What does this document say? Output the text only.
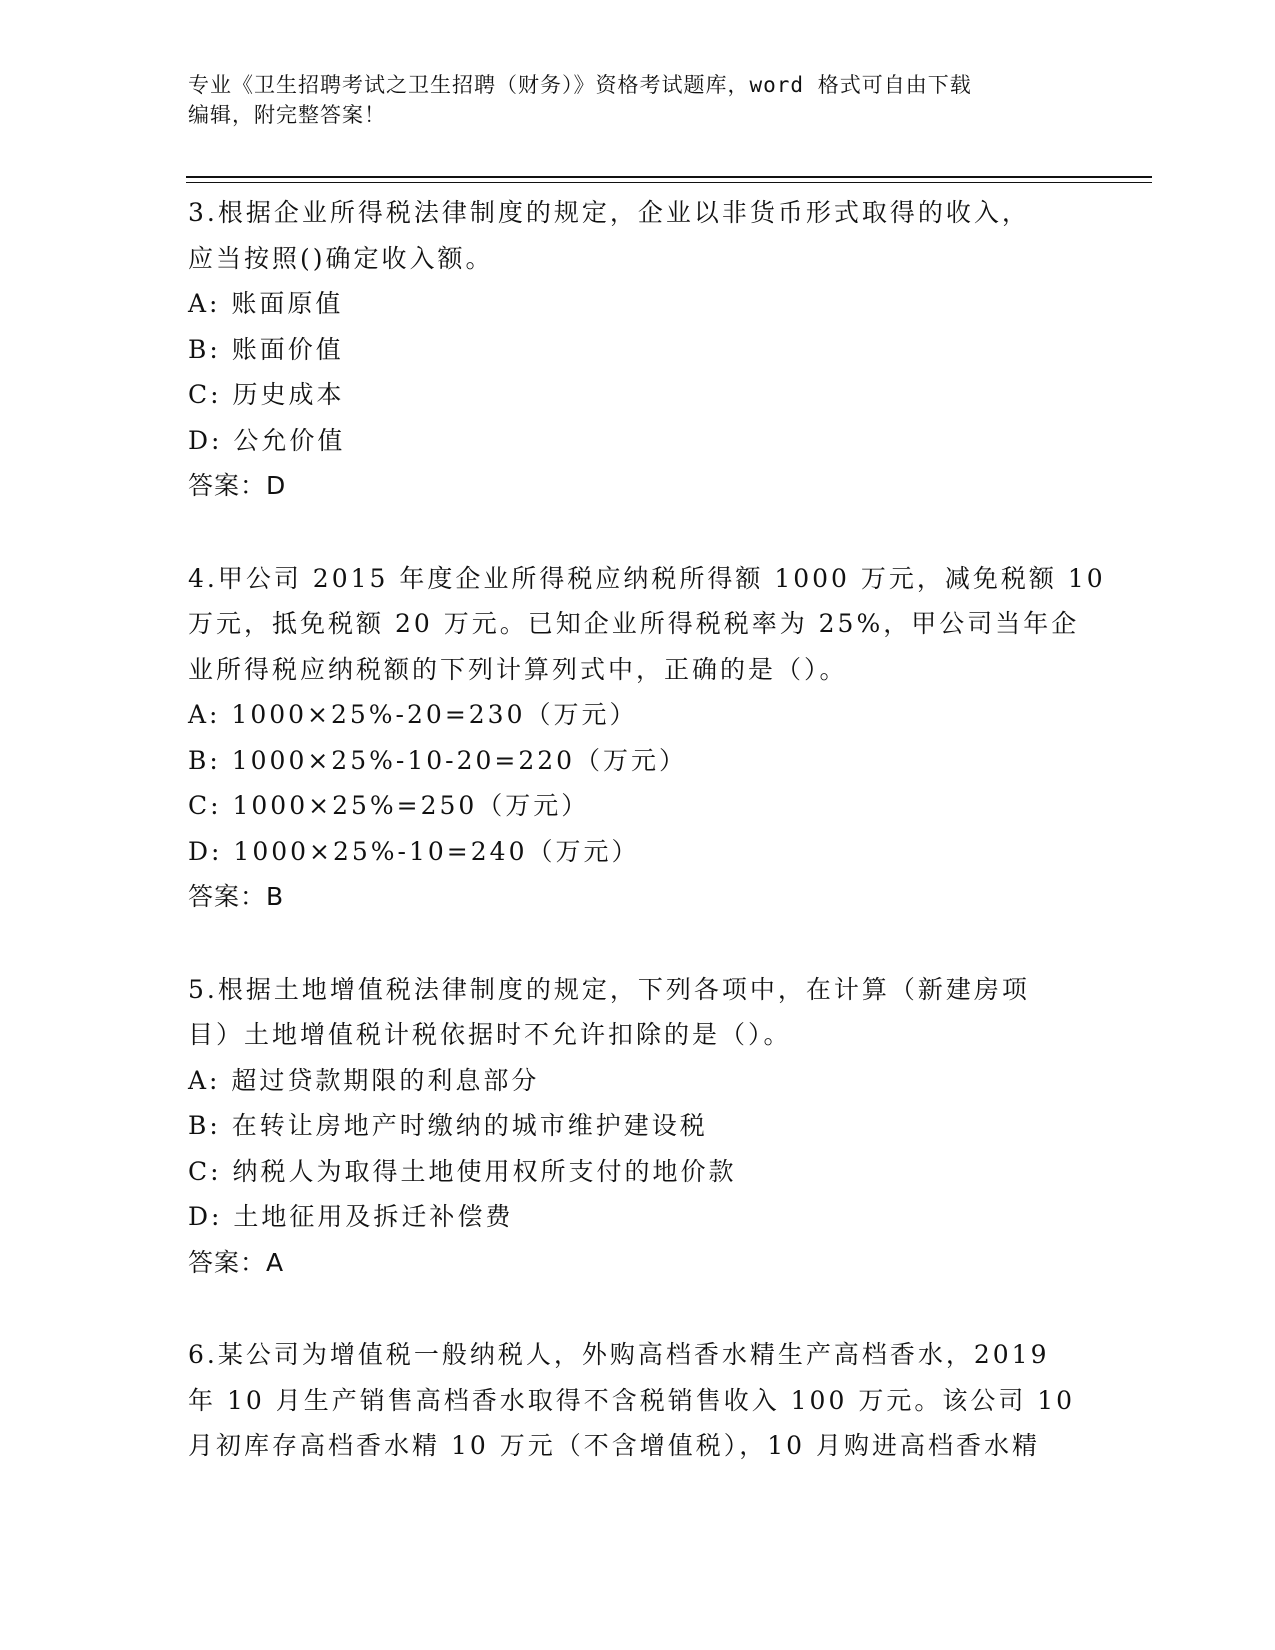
专业《卫生招聘考试之卫生招聘（财务）》资格考试题库，word 格式可自由下载
编辑，附完整答案！
3.根据企业所得税法律制度的规定，企业以非货币形式取得的收入，
应当按照()确定收入额。
A: 账面原值
B: 账面价值
C: 历史成本
D: 公允价值
答案：D
4.甲公司 2015 年度企业所得税应纳税所得额 1000 万元，减免税额 10
万元，抵免税额 20 万元。已知企业所得税税率为 25%，甲公司当年企
业所得税应纳税额的下列计算列式中，正确的是（）。
A: 1000×25%-20=230（万元）
B: 1000×25%-10-20=220（万元）
C: 1000×25%=250（万元）
D: 1000×25%-10=240（万元）
答案：B
5.根据土地增值税法律制度的规定，下列各项中，在计算（新建房项
目）土地增值税计税依据时不允许扣除的是（）。
A: 超过贷款期限的利息部分
B: 在转让房地产时缴纳的城市维护建设税
C: 纳税人为取得土地使用权所支付的地价款
D: 土地征用及拆迁补偿费
答案：A
6.某公司为增值税一般纳税人，外购高档香水精生产高档香水，2019
年 10 月生产销售高档香水取得不含税销售收入 100 万元。该公司 10
月初库存高档香水精 10 万元（不含增值税），10 月购进高档香水精
